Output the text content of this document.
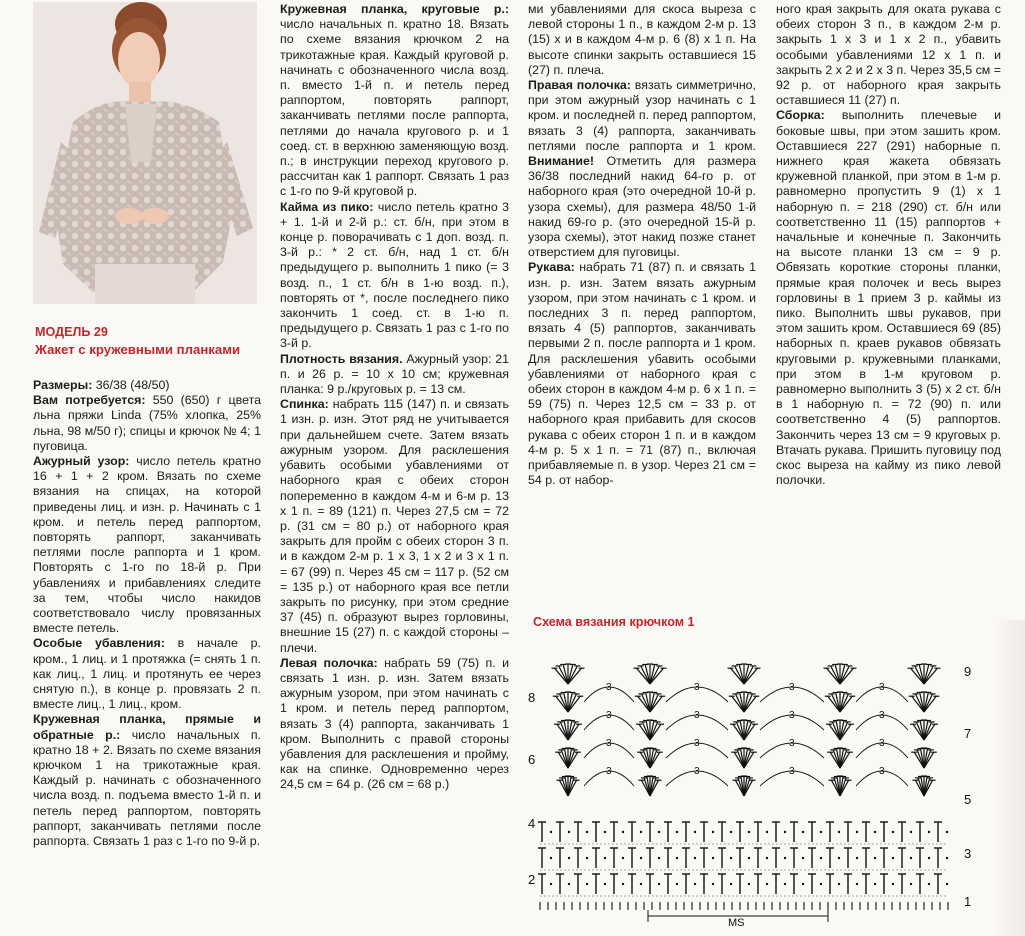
МОДЕЛЬ 29
Жакет с кружевными планками

Размеры: 36/38 (48/50)

Вам потребуется: 550 (650) г цвета льна пряжи Linda (75% хлопка, 25% льна, 98 м/50 г); спицы и крючок № 4; 1 пуговица.

Ажурный узор: число петель кратно 16 + 1 + 2 кром. Вязать по схеме вязания на спицах, на которой приведены лиц. и изн. р. Начинать с 1 кром. и петель перед раппортом, повторять раппорт, заканчивать петлями после раппорта и 1 кром. Повторять с 1-го по 18-й р. При убавлениях и прибавлениях следите за тем, чтобы число накидов соответствовало числу провязанных вместе петель.

Особые убавления: в начале р. кром., 1 лиц. и 1 протяжка (= снять 1 п. как лиц., 1 лиц. и протянуть ее через снятую п.), в конце р. провязать 2 п. вместе лиц., 1 лиц., кром.

Кружевная планка, прямые и обратные р.: число начальных п. кратно 18 + 2. Вязать по схеме вязания крючком 1 на трикотажные края. Каждый р. начинать с обозначенного числа возд. п. подъема вместо 1-й п. и петель перед раппортом, повторять раппорт, заканчивать петлями после раппорта. Связать 1 раз с 1-го по 9-й р.

Кружевная планка, круговые р.: число начальных п. кратно 18. Вязать по схеме вязания крючком 2 на трикотажные края. Каждый круговой р. начинать с обозначенного числа возд. п. вместо 1-й п. и петель перед раппортом, повторять раппорт, заканчивать петлями после раппорта, петлями до начала кругового р. и 1 соед. ст. в верхнюю заменяющую возд. п.; в инструкции переход кругового р. рассчитан как 1 раппорт. Связать 1 раз с 1-го по 9-й круговой р.

Кайма из пико: число петель кратно 3 + 1. 1-й и 2-й р.: ст. б/н, при этом в конце р. поворачивать с 1 доп. возд. п. 3-й р.: * 2 ст. б/н, над 1 ст. б/н предыдущего р. выполнить 1 пико (= 3 возд. п., 1 ст. б/н в 1-ю возд. п.), повторять от *, после последнего пико закончить 1 соед. ст. в 1-ю п. предыдущего р. Связать 1 раз с 1-го по 3-й р.

Плотность вязания. Ажурный узор: 21 п. и 26 р. = 10 x 10 см; кружевная планка: 9 р./круговых р. = 13 см.

Спинка: набрать 115 (147) п. и связать 1 изн. р. изн. Этот ряд не учитывается при дальнейшем счете. Затем вязать ажурным узором. Для расклешения убавить особыми убавлениями от наборного края с обеих сторон попеременно в каждом 4-м и 6-м р. 13 x 1 п. = 89 (121) п. Через 27,5 см = 72 р. (31 см = 80 р.) от наборного края закрыть для пройм с обеих сторон 3 п. и в каждом 2-м р. 1 x 3, 1 x 2 и 3 x 1 п. = 67 (99) п. Через 45 см = 117 р. (52 см = 135 р.) от наборного края все петли закрыть по рисунку, при этом средние 37 (45) п. образуют вырез горловины, внешние 15 (27) п. с каждой стороны – плечи.

Левая полочка: набрать 59 (75) п. и связать 1 изн. р. изн. Затем вязать ажурным узором, при этом начинать с 1 кром. и петель перед раппортом, вязать 3 (4) раппорта, заканчивать 1 кром. Выполнить с правой стороны убавления для расклешения и пройму, как на спинке. Одновременно через 24,5 см = 64 р. (26 см = 68 р.)

ми убавлениями для скоса выреза с левой стороны 1 п., в каждом 2-м р. 13 (15) x и в каждом 4-м р. 6 (8) x 1 п. На высоте спинки закрыть оставшиеся 15 (27) п. плеча.

Правая полочка: вязать симметрично, при этом ажурный узор начинать с 1 кром. и последней п. перед раппортом, вязать 3 (4) раппорта, заканчивать петлями после раппорта и 1 кром. Внимание! Отметить для размера 36/38 последний накид 64-го р. от наборного края (это очередной 10-й р. узора схемы), для размера 48/50 1-й накид 69-го р. (это очередной 15-й р. узора схемы), этот накид позже станет отверстием для пуговицы.

Рукава: набрать 71 (87) п. и связать 1 изн. р. изн. Затем вязать ажурным узором, при этом начинать с 1 кром. и последних 3 п. перед раппортом, вязать 4 (5) раппортов, заканчивать первыми 2 п. после раппорта и 1 кром. Для расклешения убавить особыми убавлениями от наборного края с обеих сторон в каждом 4-м р. 6 x 1 п. = 59 (75) п. Через 12,5 см = 33 р. от наборного края прибавить для скосов рукава с обеих сторон 1 п. и в каждом 4-м р. 5 x 1 п. = 71 (87) п., включая прибавляемые п. в узор. Через 21 см = 54 р. от набор-

ного края закрыть для оката рукава с обеих сторон 3 п., в каждом 2-м р. закрыть 1 x 3 и 1 x 2 п., убавить особыми убавлениями 12 x 1 п. и закрыть 2 x 2 и 2 x 3 п. Через 35,5 см = 92 р. от наборного края закрыть оставшиеся 11 (27) п.

Сборка: выполнить плечевые и боковые швы, при этом зашить кром. Оставшиеся 227 (291) наборные п. нижнего края жакета обвязать кружевной планкой, при этом в 1-м р. равномерно пропустить 9 (1) x 1 наборную п. = 218 (290) ст. б/н или соответственно 11 (15) раппортов + начальные и конечные п. Закончить на высоте планки 13 см = 9 р. Обвязать короткие стороны планки, прямые края полочек и весь вырез горловины в 1 прием 3 р. каймы из пико. Выполнить швы рукавов, при этом зашить кром. Оставшиеся 69 (85) наборных п. краев рукавов обвязать круговыми р. кружевными планками, при этом в 1-м круговом р. равномерно выполнить 3 (5) x 2 ст. б/н в 1 наборную п. = 72 (90) п. или соответственно 4 (5) раппортов. Закончить через 13 см = 9 круговых р. Втачать рукава. Пришить пуговицу под скос выреза на кайму из пико левой полочки.

Схема вязания крючком 1
3
3
3
3
3
3
3
3
3
3
3
3
3
3
3
3
MS
8
6
4
2
9
7
5
3
1
